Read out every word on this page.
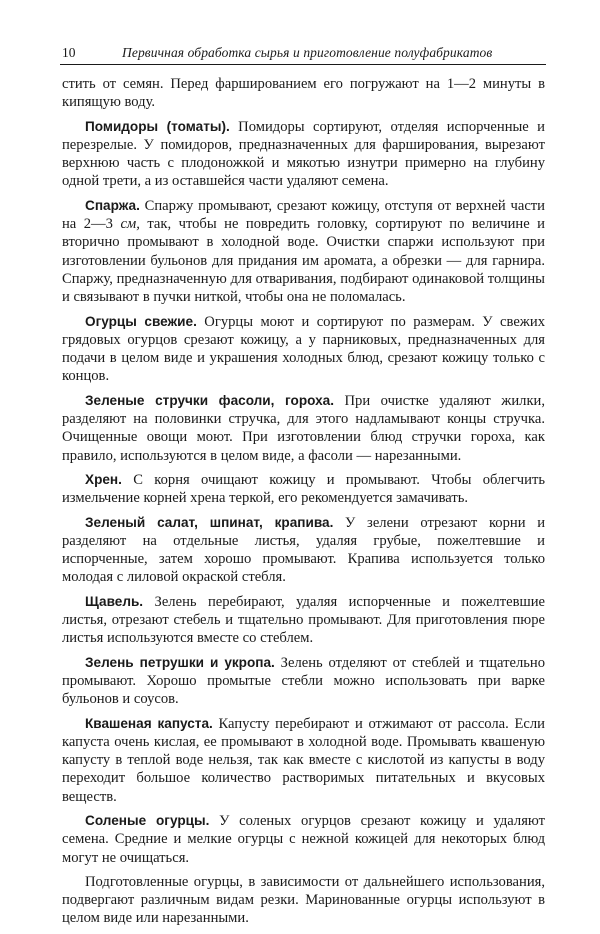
10	Первичная обработка сырья и приготовление полуфабрикатов

стить от семян. Перед фаршированием его погружают на 1—2 минуты в кипящую воду.

Помидоры (томаты). Помидоры сортируют, отделяя испорченные и перезрелые. У помидоров, предназначенных для фарширования, вырезают верхнюю часть с плодоножкой и мякотью изнутри примерно на глубину одной трети, а из оставшейся части удаляют семена.

Спаржа. Спаржу промывают, срезают кожицу, отступя от верхней части на 2—3 см, так, чтобы не повредить головку, сортируют по величине и вторично промывают в холодной воде. Очистки спаржи используют при изготовлении бульонов для придания им аромата, а обрезки — для гарнира. Спаржу, предназначенную для отваривания, подбирают одинаковой толщины и связывают в пучки ниткой, чтобы она не поломалась.

Огурцы свежие. Огурцы моют и сортируют по размерам. У свежих грядовых огурцов срезают кожицу, а у парниковых, предназначенных для подачи в целом виде и украшения холодных блюд, срезают кожицу только с концов.

Зеленые стручки фасоли, гороха. При очистке удаляют жилки, разделяют на половинки стручка, для этого надламывают концы стручка. Очищенные овощи моют. При изготовлении блюд стручки гороха, как правило, используются в целом виде, а фасоли — нарезанными.

Хрен. С корня очищают кожицу и промывают. Чтобы облегчить измельчение корней хрена теркой, его рекомендуется замачивать.

Зеленый салат, шпинат, крапива. У зелени отрезают корни и разделяют на отдельные листья, удаляя грубые, пожелтевшие и испорченные, затем хорошо промывают. Крапива используется только молодая с лиловой окраской стебля.

Щавель. Зелень перебирают, удаляя испорченные и пожелтевшие листья, отрезают стебель и тщательно промывают. Для приготовления пюре листья используются вместе со стеблем.

Зелень петрушки и укропа. Зелень отделяют от стеблей и тщательно промывают. Хорошо промытые стебли можно использовать при варке бульонов и соусов.

Квашеная капуста. Капусту перебирают и отжимают от рассола. Если капуста очень кислая, ее промывают в холодной воде. Промывать квашеную капусту в теплой воде нельзя, так как вместе с кислотой из капусты в воду переходит большое количество растворимых питательных и вкусовых веществ.

Соленые огурцы. У соленых огурцов срезают кожицу и удаляют семена. Средние и мелкие огурцы с нежной кожицей для некоторых блюд могут не очищаться.

Подготовленные огурцы, в зависимости от дальнейшего использования, подвергают различным видам резки. Маринованные огурцы используют в целом виде или нарезанными.
